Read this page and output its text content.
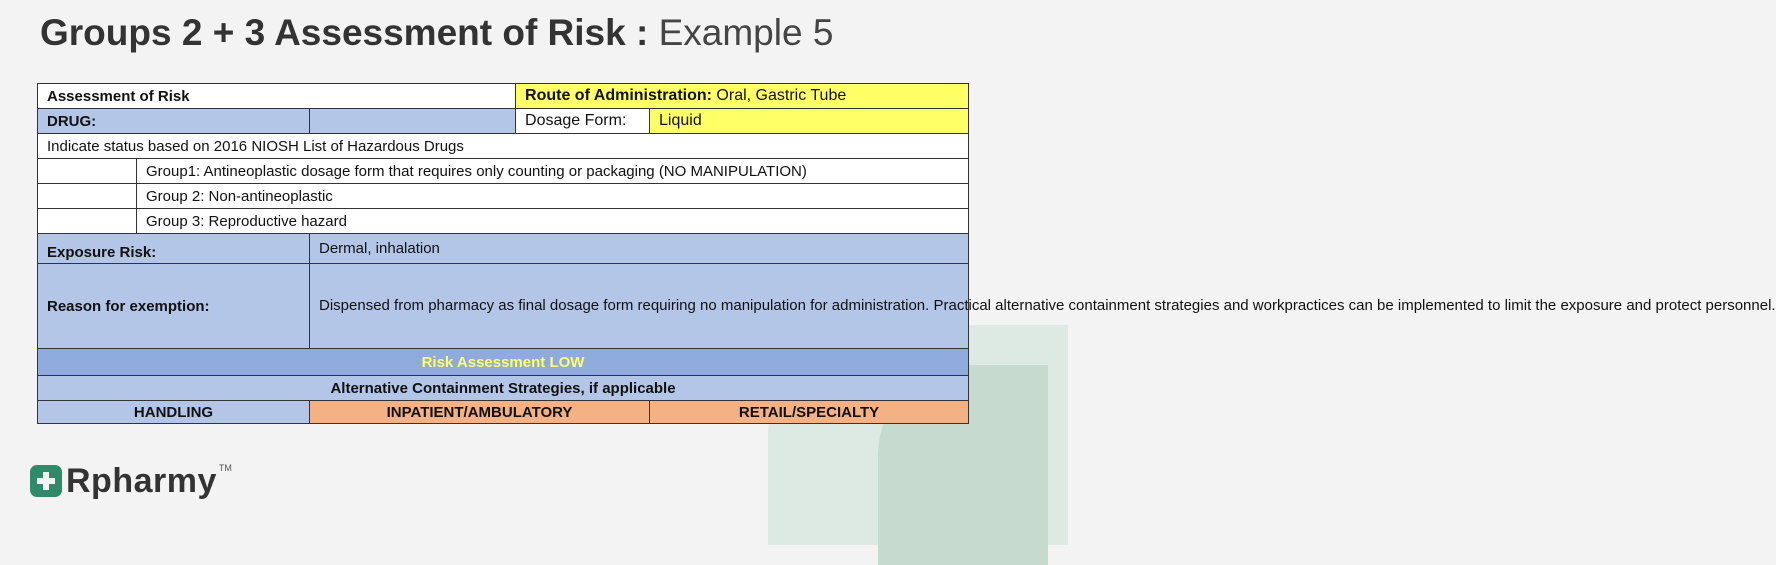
Groups 2 + 3 Assessment of Risk : Example 5
Assessment of Risk			Route of Administration: Oral, Gastric Tube	
DRUG:			Dosage Form:	Liquid
Indicate status based on 2016 NIOSH List of Hazardous Drugs				
	Group1: Antineoplastic dosage form that requires only counting or packaging (NO MANIPULATION)			
	Group 2: Non-antineoplastic			
	Group 3: Reproductive hazard			
Exposure Risk:		Dermal, inhalation		
Reason for exemption:		Dispensed from pharmacy as final dosage form requiring no manipulation for administration. Practical alternative containment strategies and workpractices can be implemented to limit the exposure and protect personnel.		
Risk Assessment LOW				
Alternative Containment Strategies, if applicable				
HANDLING		INPATIENT/AMBULATORY		RETAIL/SPECIALTY
Rpharmy TM
